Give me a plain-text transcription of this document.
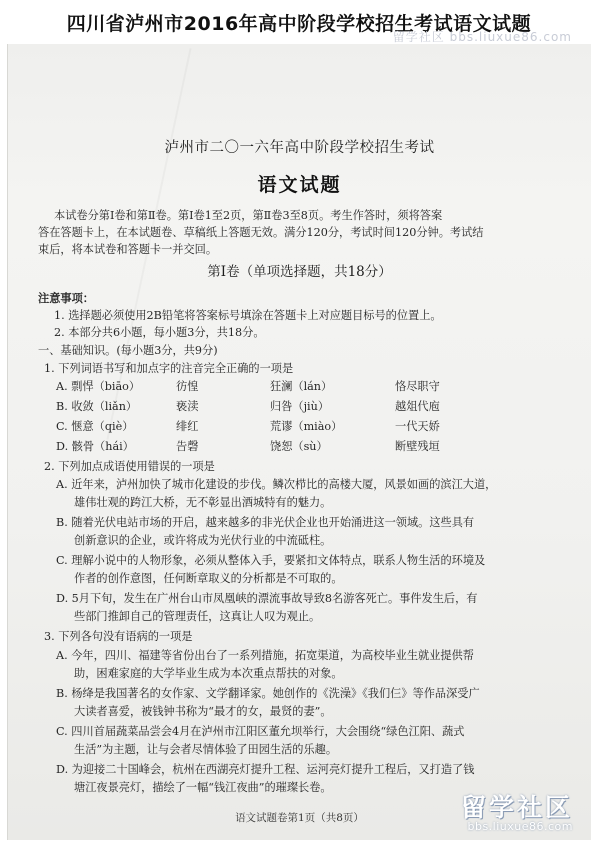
四川省泸州市2016年高中阶段学校招生考试语文试题
留学社区 bbs.liuxue86.com
泸州市二〇一六年高中阶段学校招生考试
语文试题
本试卷分第Ⅰ卷和第Ⅱ卷。第Ⅰ卷1至2页，第Ⅱ卷3至8页。考生作答时，须将答案
答在答题卡上，在本试题卷、草稿纸上答题无效。满分120分，考试时间120分钟。考试结
束后，将本试卷和答题卡一并交回。
第Ⅰ卷（单项选择题，共18分）
注意事项：
1. 选择题必须使用2B铅笔将答案标号填涂在答题卡上对应题目标号的位置上。
2. 本部分共6小题，每小题3分，共18分。
一、基础知识。(每小题3分，共9分)
1. 下列词语书写和加点字的注音完全正确的一项是
A. 剽悍（biāo）	彷惶	狂澜（lán）	恪尽职守
B. 收敛（liǎn）	亵渎	归咎（jiù）	越俎代庖
C. 惬意（qiè）	绯红	荒谬（miào）	一代天娇
D. 骸骨（hái）	告磬	饶恕（sù）	断壁残垣
2. 下列加点成语使用错误的一项是
A. 近年来，泸州加快了城市化建设的步伐。鳞次栉比的高楼大厦，风景如画的滨江大道，
雄伟壮观的跨江大桥，无不彰显出酒城特有的魅力。
B. 随着光伏电站市场的开启，越来越多的非光伏企业也开始涌进这一领域。这些具有
创新意识的企业，或许将成为光伏行业的中流砥柱。
C. 理解小说中的人物形象，必须从整体入手，要紧扣文体特点，联系人物生活的环境及
作者的创作意图，任何断章取义的分析都是不可取的。
D. 5月下旬，发生在广州台山市凤凰峡的漂流事故导致8名游客死亡。事件发生后，有
些部门推卸自己的管理责任，这真让人叹为观止。
3. 下列各句没有语病的一项是
A. 今年，四川、福建等省份出台了一系列措施，拓宽渠道，为高校毕业生就业提供帮
助，困难家庭的大学毕业生成为本次重点帮扶的对象。
B. 杨绛是我国著名的女作家、文学翻译家。她创作的《洗澡》《我们仨》等作品深受广
大读者喜爱，被钱钟书称为“最才的女，最贤的妻”。
C. 四川首届蔬菜品尝会4月在泸州市江阳区董允坝举行，大会围绕“绿色江阳、蔬式
生活”为主题，让与会者尽情体验了田园生活的乐趣。
D. 为迎接二十国峰会，杭州在西湖亮灯提升工程、运河亮灯提升工程后，又打造了钱
塘江夜景亮灯，描绘了一幅“钱江夜曲”的璀璨长卷。
语文试题卷第1页（共8页）	留学社区
bbs.liuxue86.com
